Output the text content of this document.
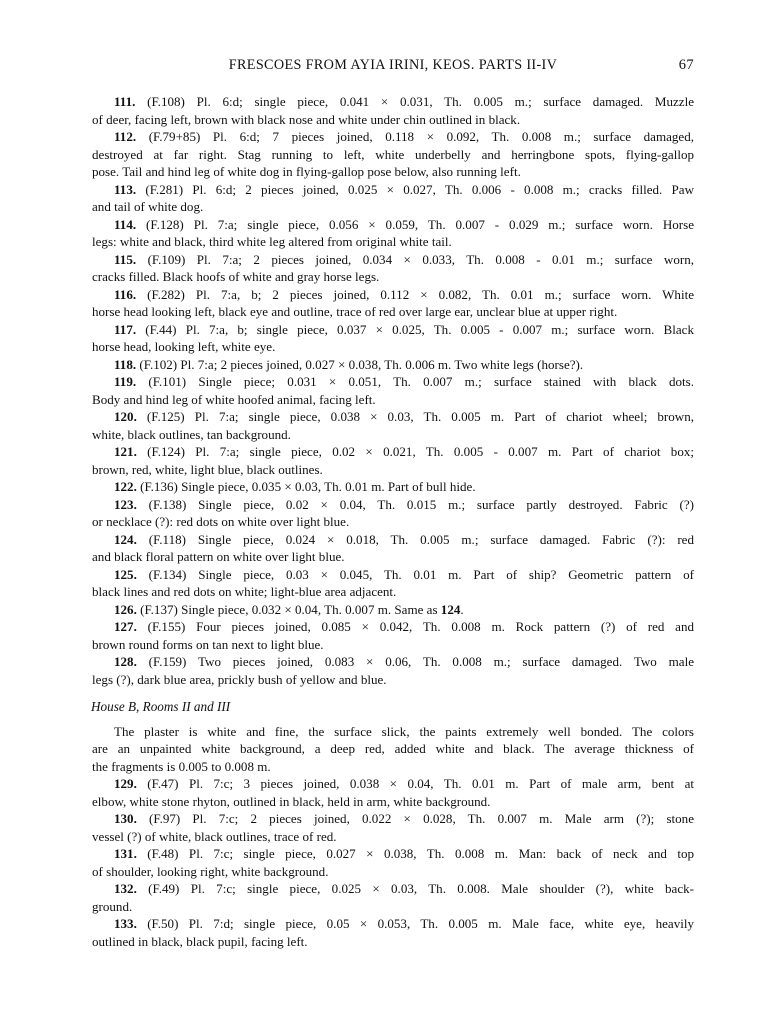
FRESCOES FROM AYIA IRINI, KEOS. PARTS II-IV	67
111. (F.108) Pl. 6:d; single piece, 0.041 × 0.031, Th. 0.005 m.; surface damaged. Muzzle
of deer, facing left, brown with black nose and white under chin outlined in black.
112. (F.79+85) Pl. 6:d; 7 pieces joined, 0.118 × 0.092, Th. 0.008 m.; surface damaged,
destroyed at far right. Stag running to left, white underbelly and herringbone spots, flying-gallop
pose. Tail and hind leg of white dog in flying-gallop pose below, also running left.
113. (F.281) Pl. 6:d; 2 pieces joined, 0.025 × 0.027, Th. 0.006 - 0.008 m.; cracks filled. Paw
and tail of white dog.
114. (F.128) Pl. 7:a; single piece, 0.056 × 0.059, Th. 0.007 - 0.029 m.; surface worn. Horse
legs: white and black, third white leg altered from original white tail.
115. (F.109) Pl. 7:a; 2 pieces joined, 0.034 × 0.033, Th. 0.008 - 0.01 m.; surface worn,
cracks filled. Black hoofs of white and gray horse legs.
116. (F.282) Pl. 7:a, b; 2 pieces joined, 0.112 × 0.082, Th. 0.01 m.; surface worn. White
horse head looking left, black eye and outline, trace of red over large ear, unclear blue at upper right.
117. (F.44) Pl. 7:a, b; single piece, 0.037 × 0.025, Th. 0.005 - 0.007 m.; surface worn. Black
horse head, looking left, white eye.
118. (F.102) Pl. 7:a; 2 pieces joined, 0.027 × 0.038, Th. 0.006 m. Two white legs (horse?).
119. (F.101) Single piece; 0.031 × 0.051, Th. 0.007 m.; surface stained with black dots.
Body and hind leg of white hoofed animal, facing left.
120. (F.125) Pl. 7:a; single piece, 0.038 × 0.03, Th. 0.005 m. Part of chariot wheel; brown,
white, black outlines, tan background.
121. (F.124) Pl. 7:a; single piece, 0.02 × 0.021, Th. 0.005 - 0.007 m. Part of chariot box;
brown, red, white, light blue, black outlines.
122. (F.136) Single piece, 0.035 × 0.03, Th. 0.01 m. Part of bull hide.
123. (F.138) Single piece, 0.02 × 0.04, Th. 0.015 m.; surface partly destroyed. Fabric (?)
or necklace (?): red dots on white over light blue.
124. (F.118) Single piece, 0.024 × 0.018, Th. 0.005 m.; surface damaged. Fabric (?): red
and black floral pattern on white over light blue.
125. (F.134) Single piece, 0.03 × 0.045, Th. 0.01 m. Part of ship? Geometric pattern of
black lines and red dots on white; light-blue area adjacent.
126. (F.137) Single piece, 0.032 × 0.04, Th. 0.007 m. Same as 124.
127. (F.155) Four pieces joined, 0.085 × 0.042, Th. 0.008 m. Rock pattern (?) of red and
brown round forms on tan next to light blue.
128. (F.159) Two pieces joined, 0.083 × 0.06, Th. 0.008 m.; surface damaged. Two male
legs (?), dark blue area, prickly bush of yellow and blue.
House B, Rooms II and III
The plaster is white and fine, the surface slick, the paints extremely well bonded. The colors
are an unpainted white background, a deep red, added white and black. The average thickness of
the fragments is 0.005 to 0.008 m.
129. (F.47) Pl. 7:c; 3 pieces joined, 0.038 × 0.04, Th. 0.01 m. Part of male arm, bent at
elbow, white stone rhyton, outlined in black, held in arm, white background.
130. (F.97) Pl. 7:c; 2 pieces joined, 0.022 × 0.028, Th. 0.007 m. Male arm (?); stone
vessel (?) of white, black outlines, trace of red.
131. (F.48) Pl. 7:c; single piece, 0.027 × 0.038, Th. 0.008 m. Man: back of neck and top
of shoulder, looking right, white background.
132. (F.49) Pl. 7:c; single piece, 0.025 × 0.03, Th. 0.008. Male shoulder (?), white back-
ground.
133. (F.50) Pl. 7:d; single piece, 0.05 × 0.053, Th. 0.005 m. Male face, white eye, heavily
outlined in black, black pupil, facing left.
